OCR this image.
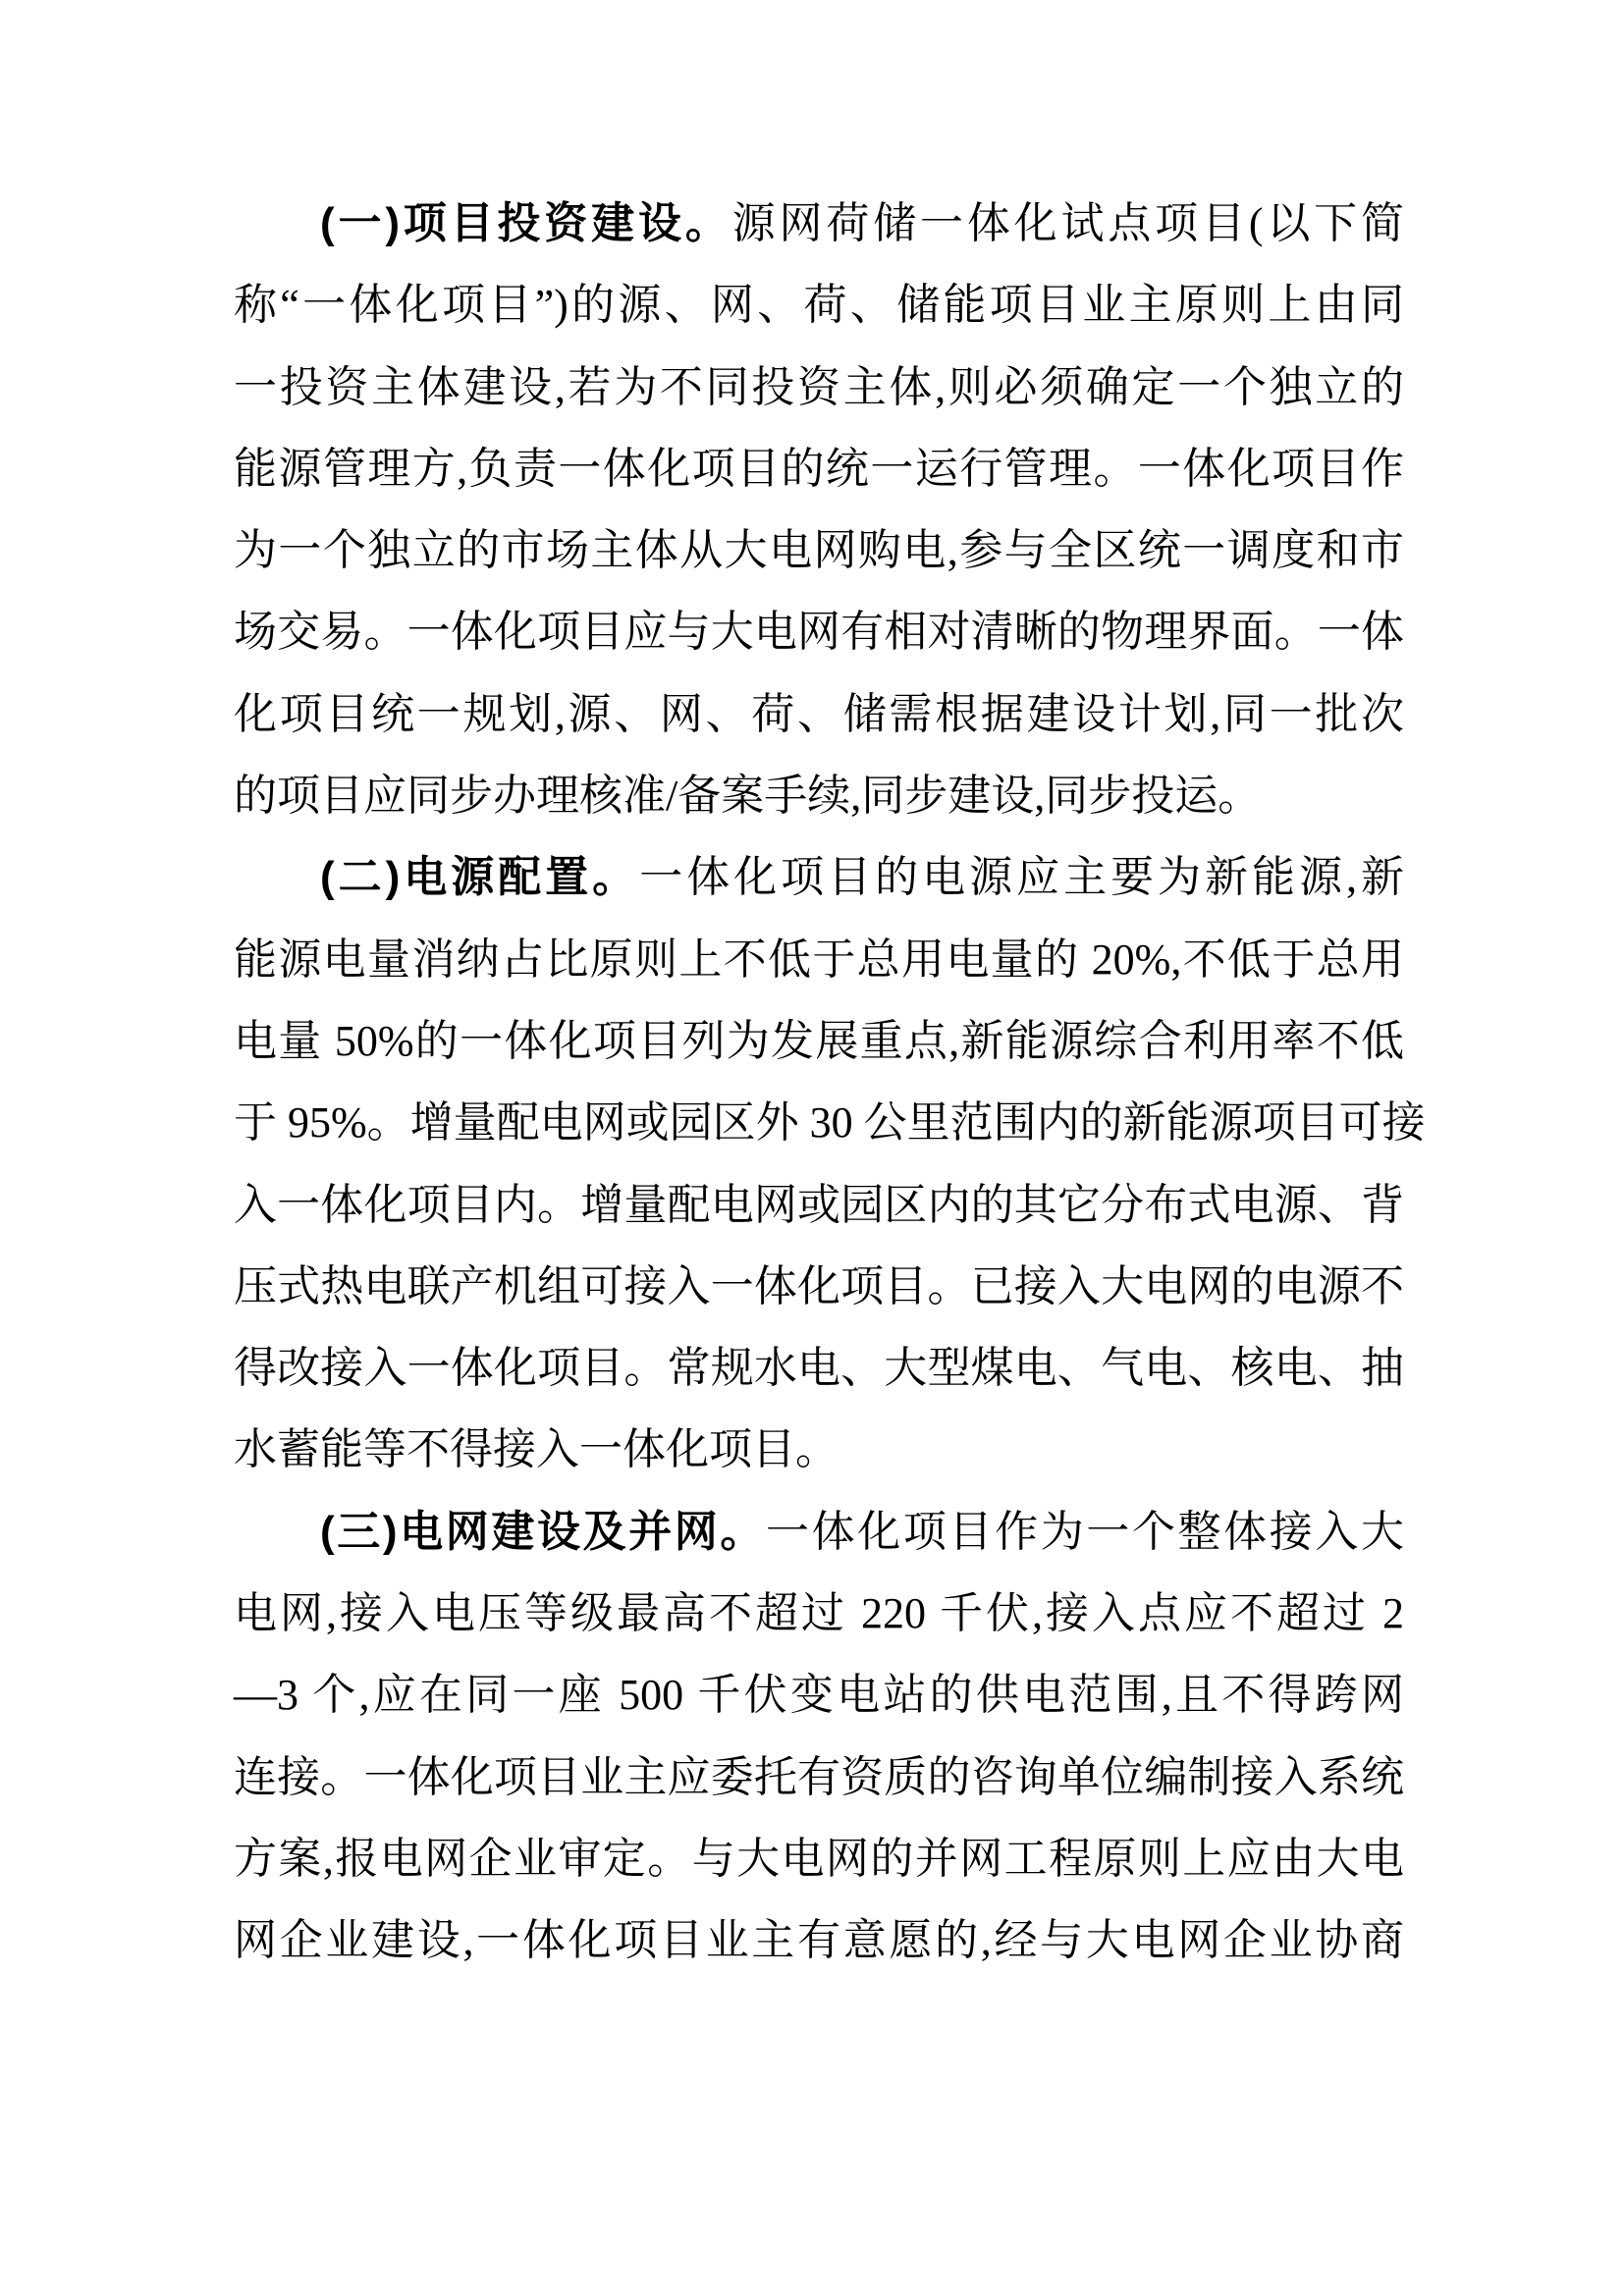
(一)项目投资建设。源网荷储一体化试点项目(以下简
称“一体化项目”)的源、网、荷、储能项目业主原则上由同
一投资主体建设,若为不同投资主体,则必须确定一个独立的
能源管理方,负责一体化项目的统一运行管理。一体化项目作
为一个独立的市场主体从大电网购电,参与全区统一调度和市
场交易。一体化项目应与大电网有相对清晰的物理界面。一体
化项目统一规划,源、网、荷、储需根据建设计划,同一批次
的项目应同步办理核准/备案手续,同步建设,同步投运。
(二)电源配置。一体化项目的电源应主要为新能源,新
能源电量消纳占比原则上不低于总用电量的 20%,不低于总用
电量 50%的一体化项目列为发展重点,新能源综合利用率不低
于 95%。增量配电网或园区外 30 公里范围内的新能源项目可接
入一体化项目内。增量配电网或园区内的其它分布式电源、背
压式热电联产机组可接入一体化项目。已接入大电网的电源不
得改接入一体化项目。常规水电、大型煤电、气电、核电、抽
水蓄能等不得接入一体化项目。
(三)电网建设及并网。一体化项目作为一个整体接入大
电网,接入电压等级最高不超过 220 千伏,接入点应不超过 2
—3 个,应在同一座 500 千伏变电站的供电范围,且不得跨网
连接。一体化项目业主应委托有资质的咨询单位编制接入系统
方案,报电网企业审定。与大电网的并网工程原则上应由大电
网企业建设,一体化项目业主有意愿的,经与大电网企业协商
